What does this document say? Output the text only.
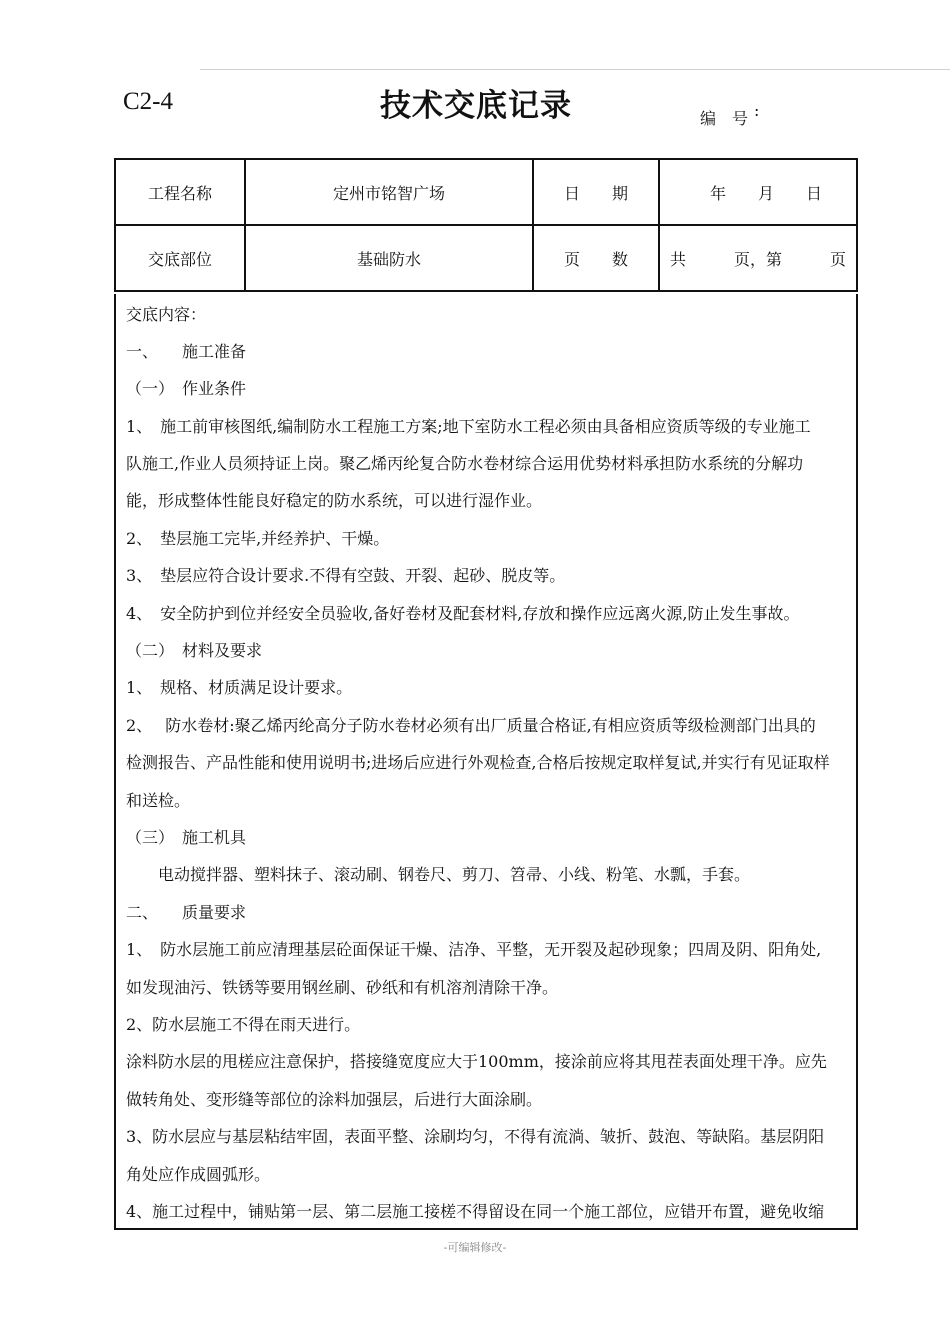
C2-4	技术交底记录	编　号 :
工程名称	定州市铭智广场	日　　期	年　　月　　日
交底部位	基础防水	页　　数	共　　　页，第　　　页
交底内容：
一、　　施工准备
（一）　作业条件
1、　施工前审核图纸,编制防水工程施工方案;地下室防水工程必须由具备相应资质等级的专业施工
队施工,作业人员须持证上岗。聚乙烯丙纶复合防水卷材综合运用优势材料承担防水系统的分解功
能，形成整体性能良好稳定的防水系统，可以进行湿作业。
2、　垫层施工完毕,并经养护、干燥。
3、　垫层应符合设计要求.不得有空鼓、开裂、起砂、脱皮等。
4、　安全防护到位并经安全员验收,备好卷材及配套材料,存放和操作应远离火源,防止发生事故。
（二）　材料及要求
1、　规格、材质满足设计要求。
2、　 防水卷材:聚乙烯丙纶高分子防水卷材必须有出厂质量合格证,有相应资质等级检测部门出具的
检测报告、产品性能和使用说明书;进场后应进行外观检查,合格后按规定取样复试,并实行有见证取样
和送检。
（三）　施工机具
　　电动搅拌器、塑料抹子、滚动刷、钢卷尺、剪刀、笤帚、小线、粉笔、水瓢，手套。
二、　　质量要求
1、　防水层施工前应清理基层砼面保证干燥、洁净、平整，无开裂及起砂现象；四周及阴、阳角处,
如发现油污、铁锈等要用钢丝刷、砂纸和有机溶剂清除干净。
2、防水层施工不得在雨天进行。
涂料防水层的甩槎应注意保护，搭接缝宽度应大于100mm，接涂前应将其甩茬表面处理干净。应先
做转角处、变形缝等部位的涂料加强层，后进行大面涂刷。
3、防水层应与基层粘结牢固，表面平整、涂刷均匀，不得有流淌、皱折、鼓泡、等缺陷。基层阴阳
角处应作成圆弧形。
4、施工过程中，铺贴第一层、第二层施工接槎不得留设在同一个施工部位，应错开布置，避免收缩
-可编辑修改-
